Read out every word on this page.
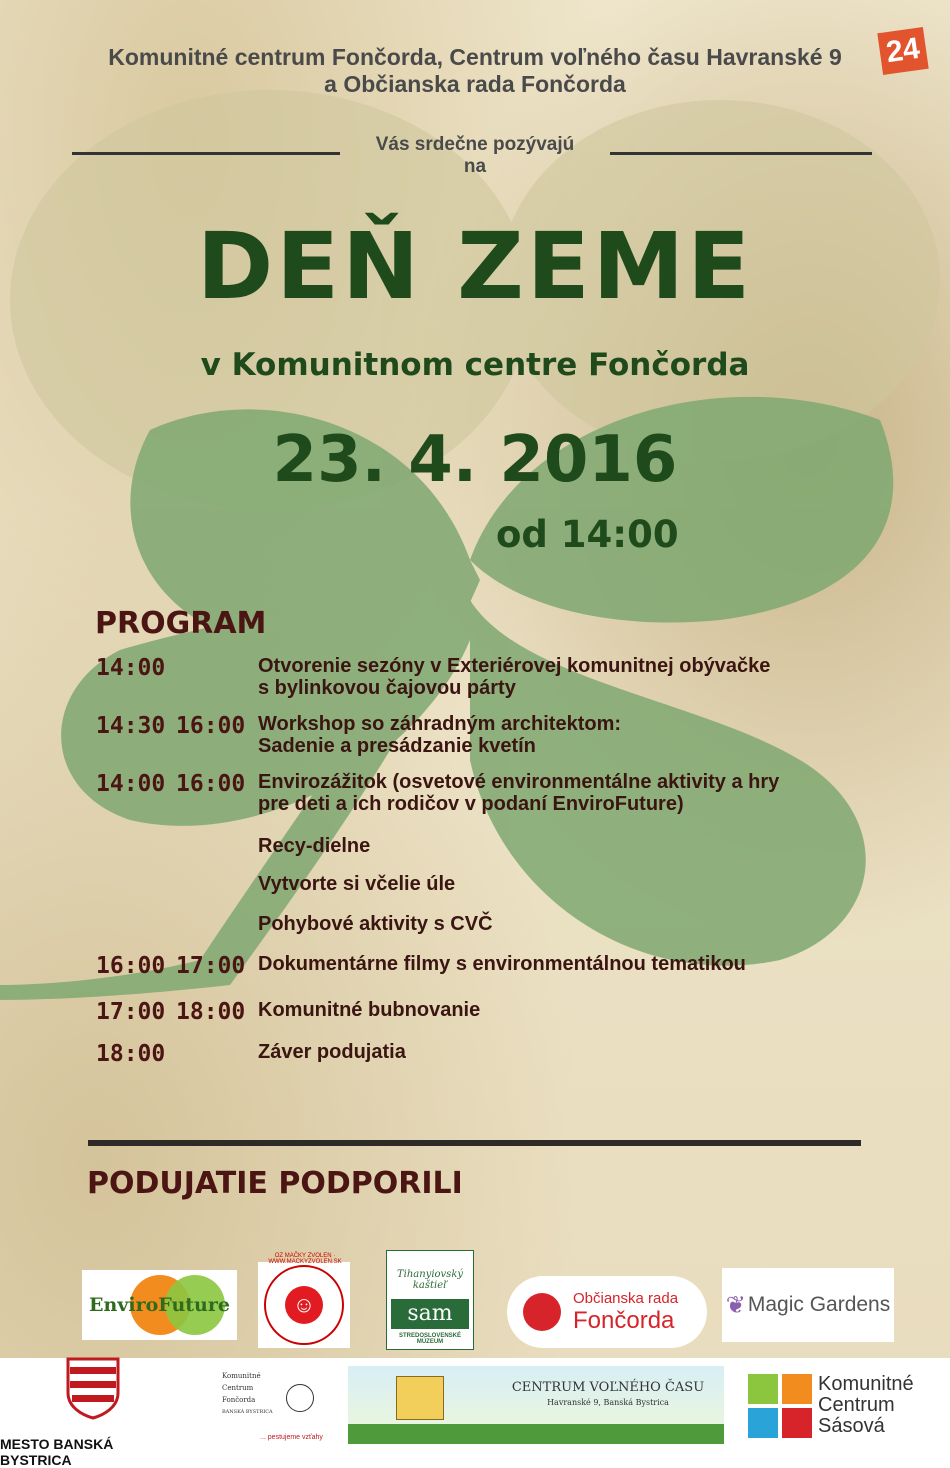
Komunitné centrum Fončorda, Centrum voľného času Havranské 9
a Občianska rada Fončorda
24
Vás srdečne pozývajú
na
DEŇ ZEME
v Komunitnom centre Fončorda
23. 4. 2016
od 14:00
PROGRAM
14:00	Otvorenie sezóny v Exteriérovej komunitnej obývačke
s bylinkovou čajovou párty
14:30 16:00 Workshop so záhradným architektom:
Sadenie a presádzanie kvetín
14:00 16:00 Envirozážitok (osvetové environmentálne aktivity a hry
pre deti a ich rodičov v podaní EnviroFuture)
Recy-dielne
Vytvorte si včelie úle
Pohybové aktivity s CVČ
16:00 17:00 Dokumentárne filmy s environmentálnou tematikou
17:00 18:00 Komunitné bubnovanie
18:00	Záver podujatia
PODUJATIE PODPORILI
EnviroFuture	☺
OZ MAČKY ZVOLEN · WWW.MACKYZVOLEN.SK
Tihanyiovský kaštieľ
sam
STREDOSLOVENSKÉ MÚZEUM
Občianska rada
Fončorda
❦ Magic Gardens
MESTO BANSKÁ BYSTRICA
Komunitné
Centrum
Fončorda
BANSKÁ BYSTRICA
... pestujeme vzťahy
CENTRUM VOĽNÉHO ČASU
Havranské 9, Banská Bystrica
Komunitné
Centrum
Sásová
